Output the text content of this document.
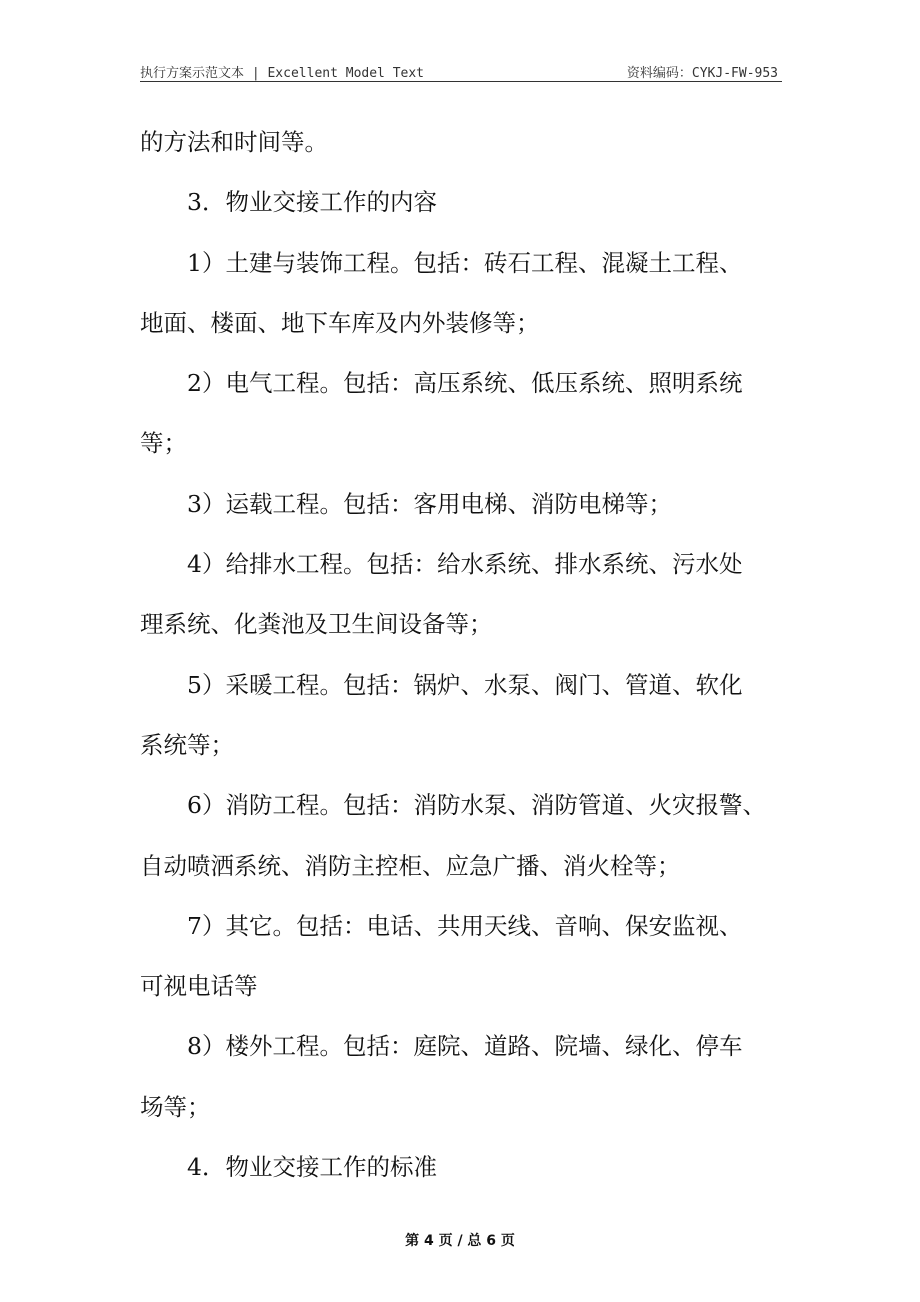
执行方案示范文本 | Excellent Model Text	资料编码：CYKJ-FW-953

的方法和时间等。

3．物业交接工作的内容

1）土建与装饰工程。包括：砖石工程、混凝土工程、

地面、楼面、地下车库及内外装修等；

2）电气工程。包括：高压系统、低压系统、照明系统

等；

3）运载工程。包括：客用电梯、消防电梯等；

4）给排水工程。包括：给水系统、排水系统、污水处

理系统、化粪池及卫生间设备等；

5）采暖工程。包括：锅炉、水泵、阀门、管道、软化

系统等；

6）消防工程。包括：消防水泵、消防管道、火灾报警、

自动喷洒系统、消防主控柜、应急广播、消火栓等；

7）其它。包括：电话、共用天线、音响、保安监视、

可视电话等

8）楼外工程。包括：庭院、道路、院墙、绿化、停车

场等；

4．物业交接工作的标准

第 4 页 / 总 6 页
